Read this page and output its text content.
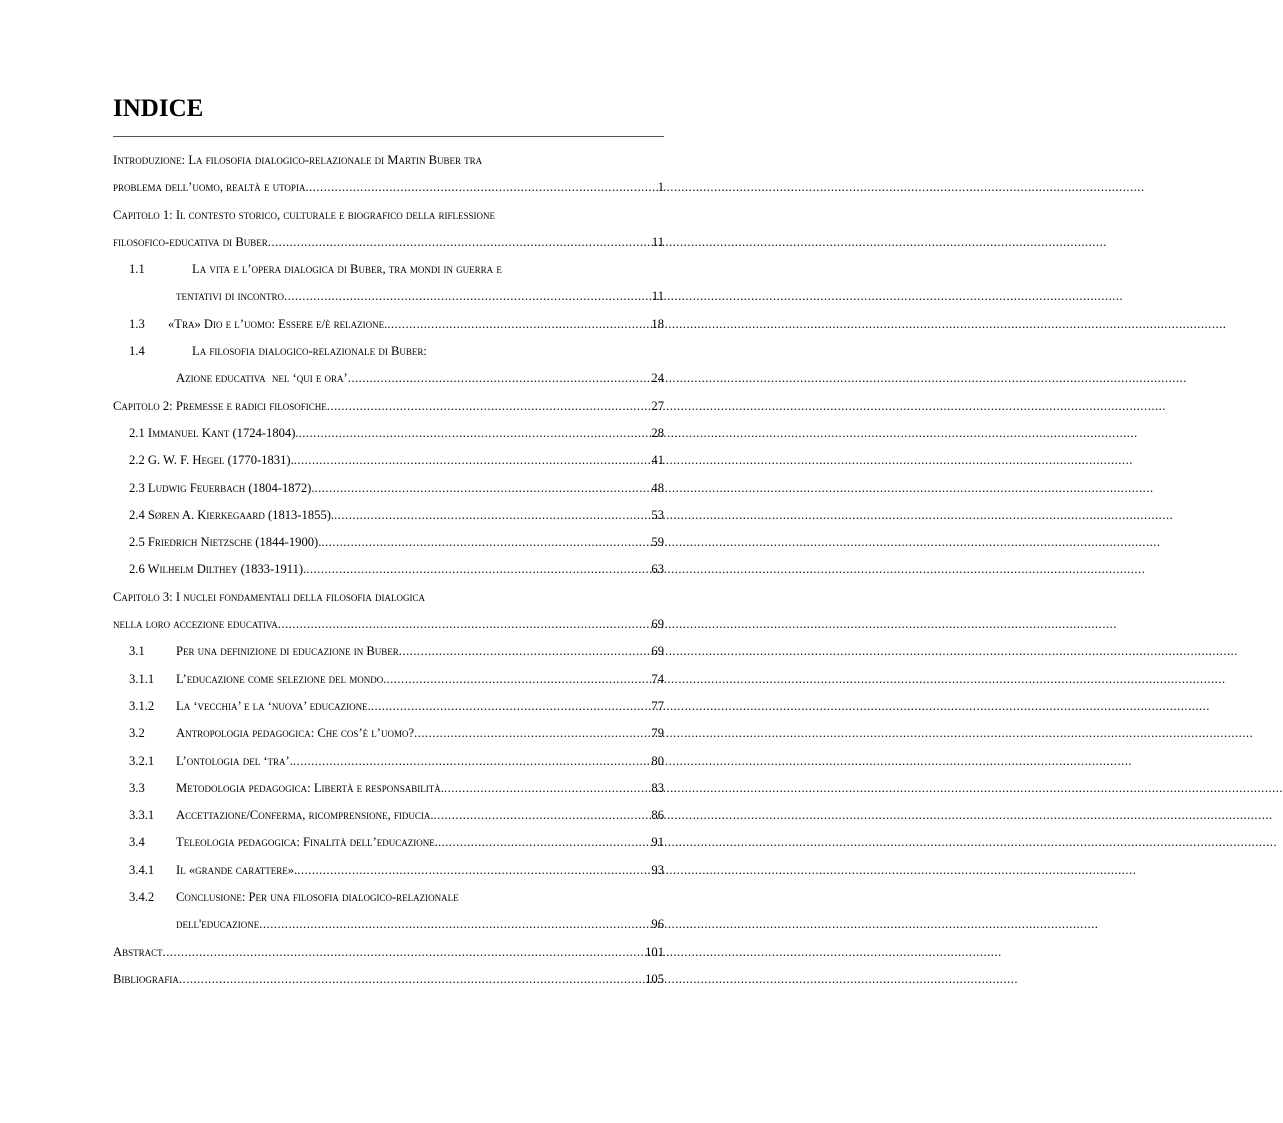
INDICE
Introduzione: La filosofia dialogico-relazionale di Martin Buber tra
problema dell’uomo, realtà e utopia .....	1
Capitolo 1: Il contesto storico, culturale e biografico della riflessione
filosofico-educativa di Buber .....	11
1.1	La vita e l’opera dialogica di Buber, tra mondi in guerra e
tentativi di incontro .....	11
1.3	«Tra» Dio e l’uomo: Essere e/è relazione. .....	18
1.4	La filosofia dialogico-relazionale di Buber:
Azione educativa  nel ‘qui e ora’ .....	24
Capitolo 2: Premesse e radici filosofiche .....	27
2.1 Immanuel Kant (1724-1804). .....	28
2.2 G. W. F. Hegel (1770-1831). .....	41
2.3 Ludwig Feuerbach (1804-1872). .....	48
2.4 Søren A. Kierkegaard (1813-1855). .....	53
2.5 Friedrich Nietzsche (1844-1900). .....	59
2.6 Wilhelm Dilthey (1833-1911). .....	63
Capitolo 3: I nuclei fondamentali della filosofia dialogica
nella loro accezione educativa .....	69
3.1	Per una definizione di educazione in Buber .....	69
3.1.1	L’educazione come selezione del mondo. .....	74
3.1.2	La ‘vecchia’ e la ‘nuova’ educazione. .....	77
3.2	Antropologia pedagogica: Che cos’è l’uomo? .....	79
3.2.1	L’ontologia del ‘tra’. .....	80
3.3	Metodologia pedagogica: Libertà e responsabilità. .....	83
3.3.1	Accettazione/Conferma, ricomprensione, fiducia. .....	86
3.4	Teleologia pedagogica: Finalità dell’educazione. .....	91
3.4.1	Il «grande carattere». .....	93
3.4.2	Conclusione: Per una filosofia dialogico-relazionale
dell'educazione .....	96
Abstract .....	101
Bibliografia .....	105
